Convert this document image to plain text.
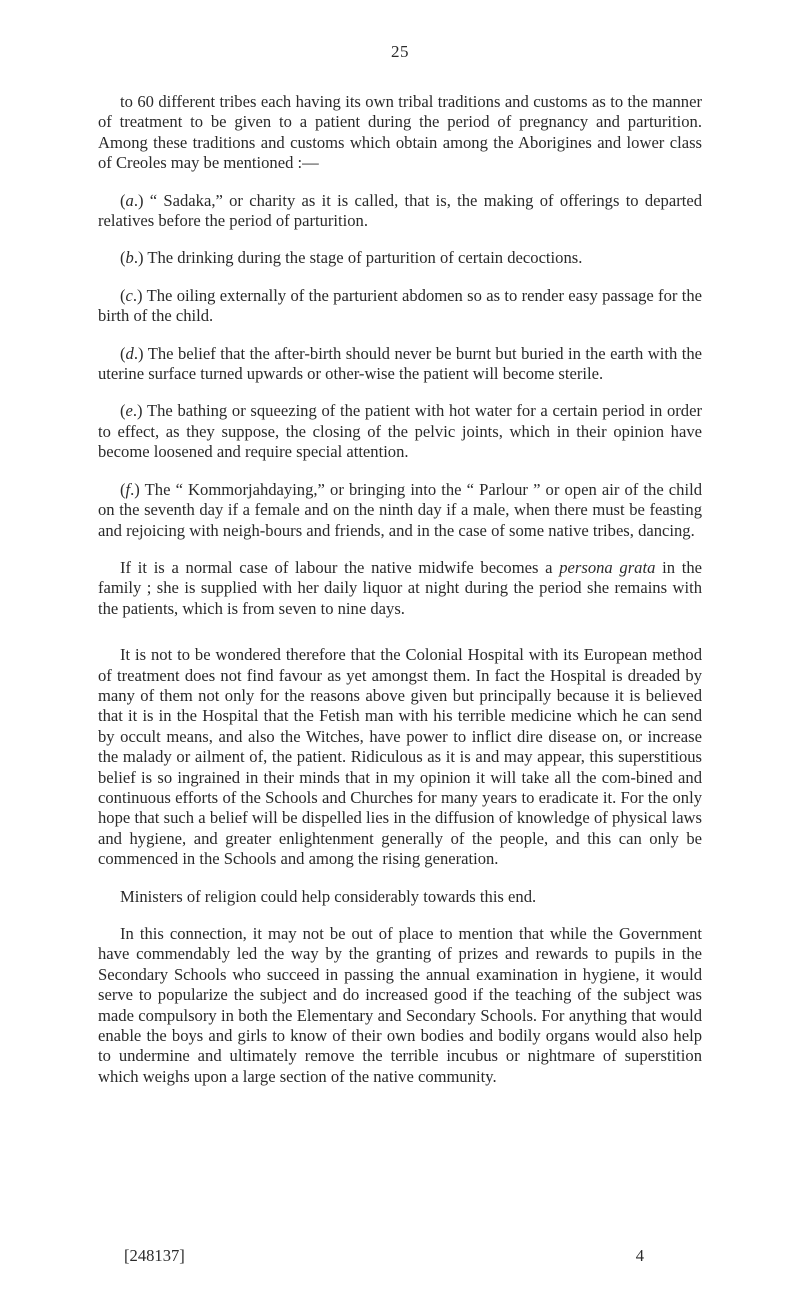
25

to 60 different tribes each having its own tribal traditions and customs as to the manner of treatment to be given to a patient during the period of pregnancy and parturition. Among these traditions and customs which obtain among the Aborigines and lower class of Creoles may be mentioned :—

(a.) “ Sadaka,” or charity as it is called, that is, the making of offerings to departed relatives before the period of parturition.

(b.) The drinking during the stage of parturition of certain decoctions.

(c.) The oiling externally of the parturient abdomen so as to render easy passage for the birth of the child.

(d.) The belief that the after-birth should never be burnt but buried in the earth with the uterine surface turned upwards or other-wise the patient will become sterile.

(e.) The bathing or squeezing of the patient with hot water for a certain period in order to effect, as they suppose, the closing of the pelvic joints, which in their opinion have become loosened and require special attention.

(f.) The “ Kommorjahdaying,” or bringing into the “ Parlour ” or open air of the child on the seventh day if a female and on the ninth day if a male, when there must be feasting and rejoicing with neigh-bours and friends, and in the case of some native tribes, dancing.

If it is a normal case of labour the native midwife becomes a persona grata in the family ; she is supplied with her daily liquor at night during the period she remains with the patients, which is from seven to nine days.

It is not to be wondered therefore that the Colonial Hospital with its European method of treatment does not find favour as yet amongst them. In fact the Hospital is dreaded by many of them not only for the reasons above given but principally because it is believed that it is in the Hospital that the Fetish man with his terrible medicine which he can send by occult means, and also the Witches, have power to inflict dire disease on, or increase the malady or ailment of, the patient. Ridiculous as it is and may appear, this superstitious belief is so ingrained in their minds that in my opinion it will take all the com-bined and continuous efforts of the Schools and Churches for many years to eradicate it. For the only hope that such a belief will be dispelled lies in the diffusion of knowledge of physical laws and hygiene, and greater enlightenment generally of the people, and this can only be commenced in the Schools and among the rising generation.

Ministers of religion could help considerably towards this end.

In this connection, it may not be out of place to mention that while the Government have commendably led the way by the granting of prizes and rewards to pupils in the Secondary Schools who succeed in passing the annual examination in hygiene, it would serve to popularize the subject and do increased good if the teaching of the subject was made compulsory in both the Elementary and Secondary Schools. For anything that would enable the boys and girls to know of their own bodies and bodily organs would also help to undermine and ultimately remove the terrible incubus or nightmare of superstition which weighs upon a large section of the native community.

[248137]	4
